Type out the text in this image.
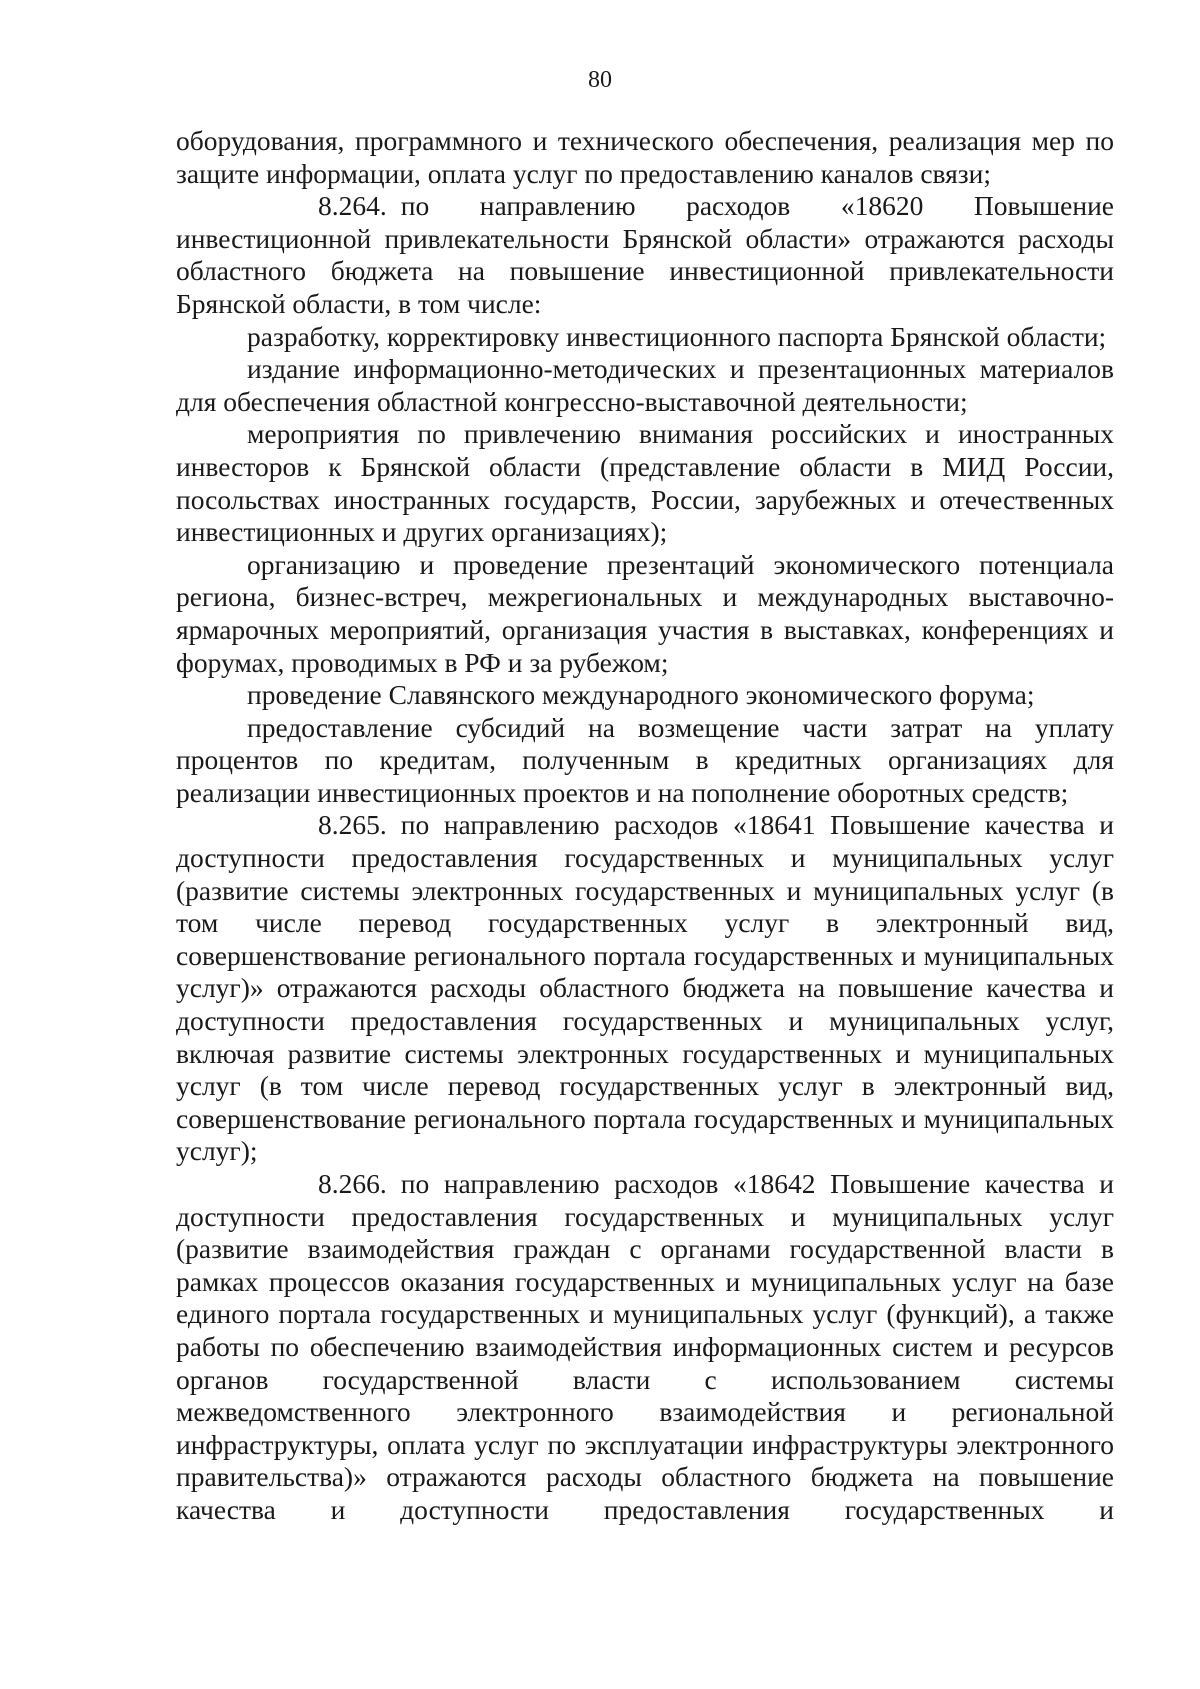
80

оборудования, программного и технического обеспечения, реализация мер по защите информации, оплата услуг по предоставлению каналов связи;

8.264. по направлению расходов «18620 Повышение инвестиционной привлекательности Брянской области» отражаются расходы областного бюджета на повышение инвестиционной привлекательности Брянской области, в том числе:

разработку, корректировку инвестиционного паспорта Брянской области;

издание информационно-методических и презентационных материалов для обеспечения областной конгрессно-выставочной деятельности;

мероприятия по привлечению внимания российских и иностранных инвесторов к Брянской области (представление области в МИД России, посольствах иностранных государств, России, зарубежных и отечественных инвестиционных и других организациях);

организацию и проведение презентаций экономического потенциала региона, бизнес-встреч, межрегиональных и международных выставочно-ярмарочных мероприятий, организация участия в выставках, конференциях и форумах, проводимых в РФ и за рубежом;

проведение Славянского международного экономического форума;

предоставление субсидий на возмещение части затрат на уплату процентов по кредитам, полученным в кредитных организациях для реализации инвестиционных проектов и на пополнение оборотных средств;

8.265. по направлению расходов «18641 Повышение качества и доступности предоставления государственных и муниципальных услуг (развитие системы электронных государственных и муниципальных услуг (в том числе перевод государственных услуг в электронный вид, совершенствование регионального портала государственных и муниципальных услуг)» отражаются расходы областного бюджета на повышение качества и доступности предоставления государственных и муниципальных услуг, включая развитие системы электронных государственных и муниципальных услуг (в том числе перевод государственных услуг в электронный вид, совершенствование регионального портала государственных и муниципальных услуг);

8.266. по направлению расходов «18642 Повышение качества и доступности предоставления государственных и муниципальных услуг (развитие взаимодействия граждан с органами государственной власти в рамках процессов оказания государственных и муниципальных услуг на базе единого портала государственных и муниципальных услуг (функций), а также работы по обеспечению взаимодействия информационных систем и ресурсов органов государственной власти с использованием системы межведомственного электронного взаимодействия и региональной инфраструктуры, оплата услуг по эксплуатации инфраструктуры электронного правительства)» отражаются расходы областного бюджета на повышение качества и доступности предоставления государственных и
